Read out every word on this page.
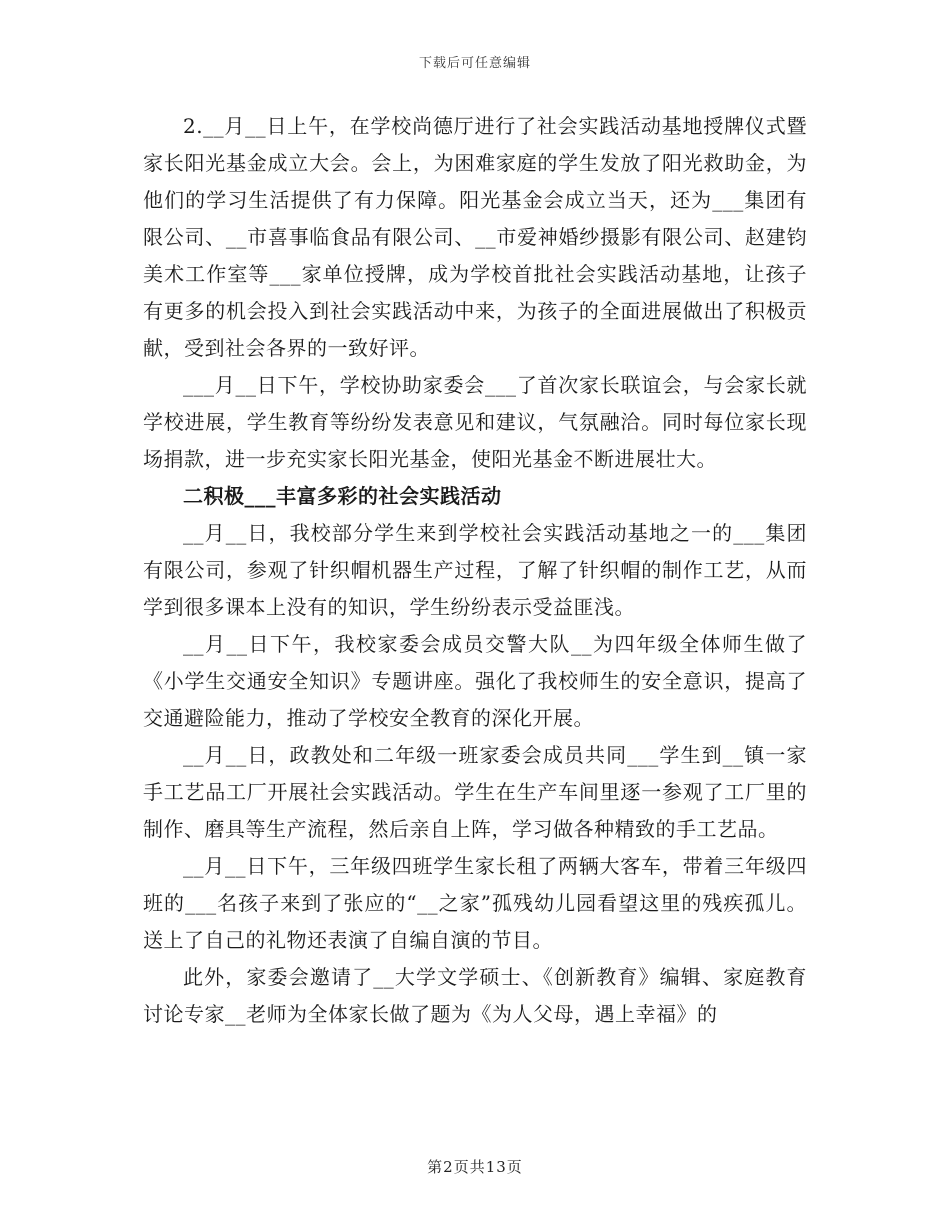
下载后可任意编辑

2.__月__日上午，在学校尚德厅进行了社会实践活动基地授牌仪式暨家长阳光基金成立大会。会上，为困难家庭的学生发放了阳光救助金，为他们的学习生活提供了有力保障。阳光基金会成立当天，还为___集团有限公司、__市喜事临食品有限公司、__市爱神婚纱摄影有限公司、赵建钧美术工作室等___家单位授牌，成为学校首批社会实践活动基地，让孩子有更多的机会投入到社会实践活动中来，为孩子的全面进展做出了积极贡献，受到社会各界的一致好评。

___月__日下午，学校协助家委会___了首次家长联谊会，与会家长就学校进展，学生教育等纷纷发表意见和建议，气氛融洽。同时每位家长现场捐款，进一步充实家长阳光基金，使阳光基金不断进展壮大。

二积极___丰富多彩的社会实践活动

__月__日，我校部分学生来到学校社会实践活动基地之一的___集团有限公司，参观了针织帽机器生产过程，了解了针织帽的制作工艺，从而学到很多课本上没有的知识，学生纷纷表示受益匪浅。

__月__日下午，我校家委会成员交警大队__为四年级全体师生做了《小学生交通安全知识》专题讲座。强化了我校师生的安全意识，提高了交通避险能力，推动了学校安全教育的深化开展。

__月__日，政教处和二年级一班家委会成员共同___学生到__镇一家手工艺品工厂开展社会实践活动。学生在生产车间里逐一参观了工厂里的制作、磨具等生产流程，然后亲自上阵，学习做各种精致的手工艺品。

__月__日下午，三年级四班学生家长租了两辆大客车，带着三年级四班的___名孩子来到了张应的“__之家”孤残幼儿园看望这里的残疾孤儿。送上了自己的礼物还表演了自编自演的节目。

此外，家委会邀请了__大学文学硕士、《创新教育》编辑、家庭教育讨论专家__老师为全体家长做了题为《为人父母，遇上幸福》的

第2页共13页
